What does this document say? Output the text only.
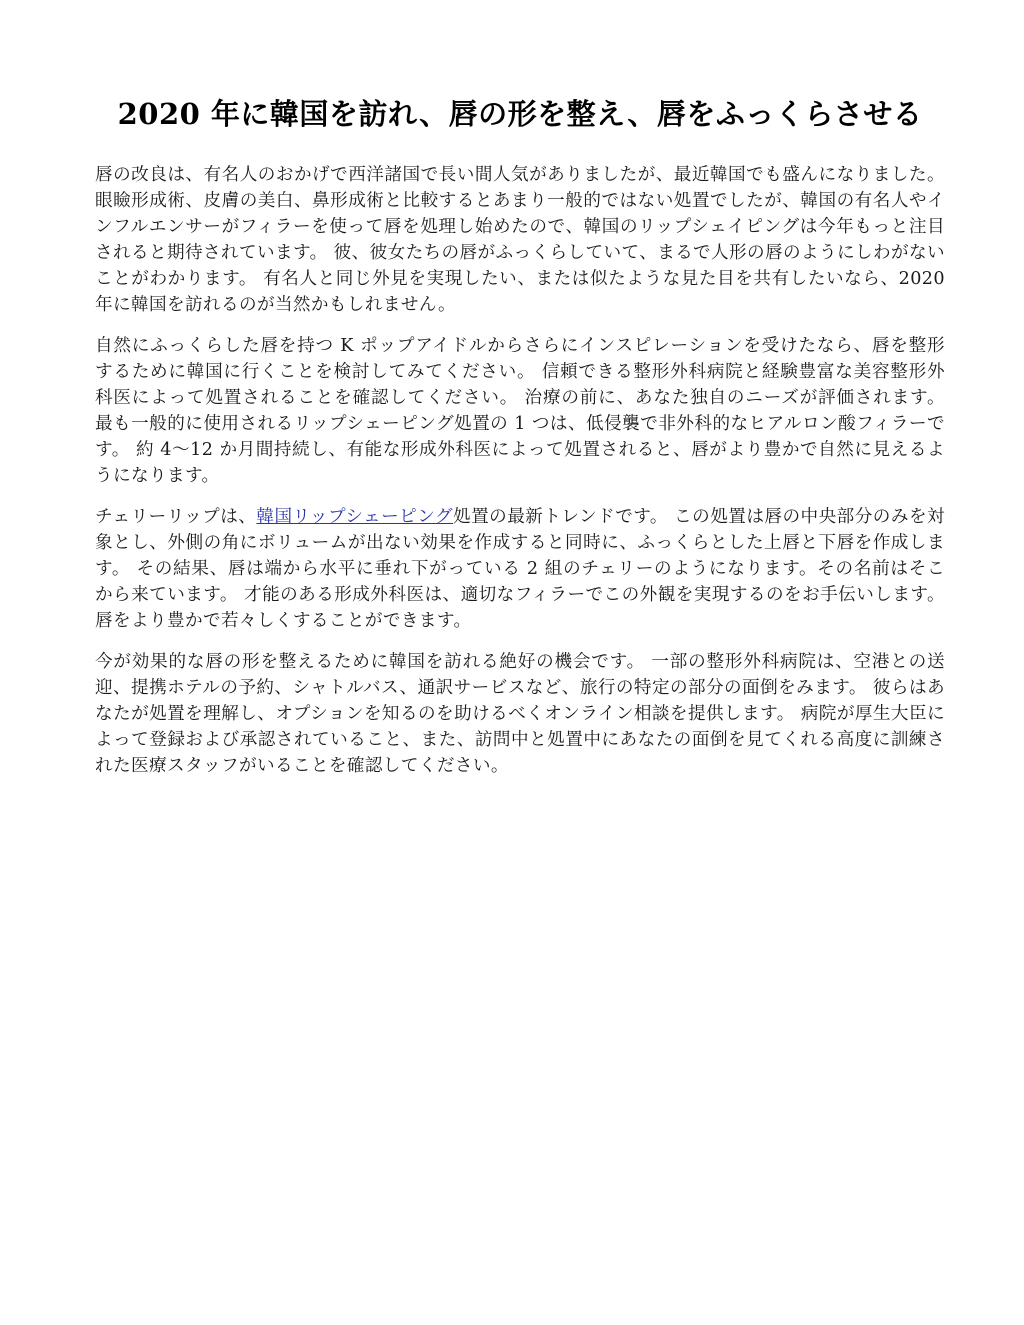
2020 年に韓国を訪れ、唇の形を整え、唇をふっくらさせる

唇の改良は、有名人のおかげで西洋諸国で長い間人気がありましたが、最近韓国でも盛んになりました。 眼瞼形成術、皮膚の美白、鼻形成術と比較するとあまり一般的ではない処置でしたが、韓国の有名人やインフルエンサーがフィラーを使って唇を処理し始めたので、韓国のリップシェイピングは今年もっと注目されると期待されています。 彼、彼女たちの唇がふっくらしていて、まるで人形の唇のようにしわがないことがわかります。 有名人と同じ外見を実現したい、または似たような見た目を共有したいなら、2020 年に韓国を訪れるのが当然かもしれません。

自然にふっくらした唇を持つ K ポップアイドルからさらにインスピレーションを受けたなら、唇を整形するために韓国に行くことを検討してみてください。 信頼できる整形外科病院と経験豊富な美容整形外科医によって処置されることを確認してください。 治療の前に、あなた独自のニーズが評価されます。 最も一般的に使用されるリップシェーピング処置の 1 つは、低侵襲で非外科的なヒアルロン酸フィラーです。 約 4〜12 か月間持続し、有能な形成外科医によって処置されると、唇がより豊かで自然に見えるようになります。

チェリーリップは、韓国リップシェーピング処置の最新トレンドです。 この処置は唇の中央部分のみを対象とし、外側の角にボリュームが出ない効果を作成すると同時に、ふっくらとした上唇と下唇を作成します。 その結果、唇は端から水平に垂れ下がっている 2 組のチェリーのようになります。その名前はそこから来ています。 才能のある形成外科医は、適切なフィラーでこの外観を実現するのをお手伝いします。 唇をより豊かで若々しくすることができます。

今が効果的な唇の形を整えるために韓国を訪れる絶好の機会です。 一部の整形外科病院は、空港との送迎、提携ホテルの予約、シャトルバス、通訳サービスなど、旅行の特定の部分の面倒をみます。 彼らはあなたが処置を理解し、オプションを知るのを助けるべくオンライン相談を提供します。 病院が厚生大臣によって登録および承認されていること、また、訪問中と処置中にあなたの面倒を見てくれる高度に訓練された医療スタッフがいることを確認してください。
